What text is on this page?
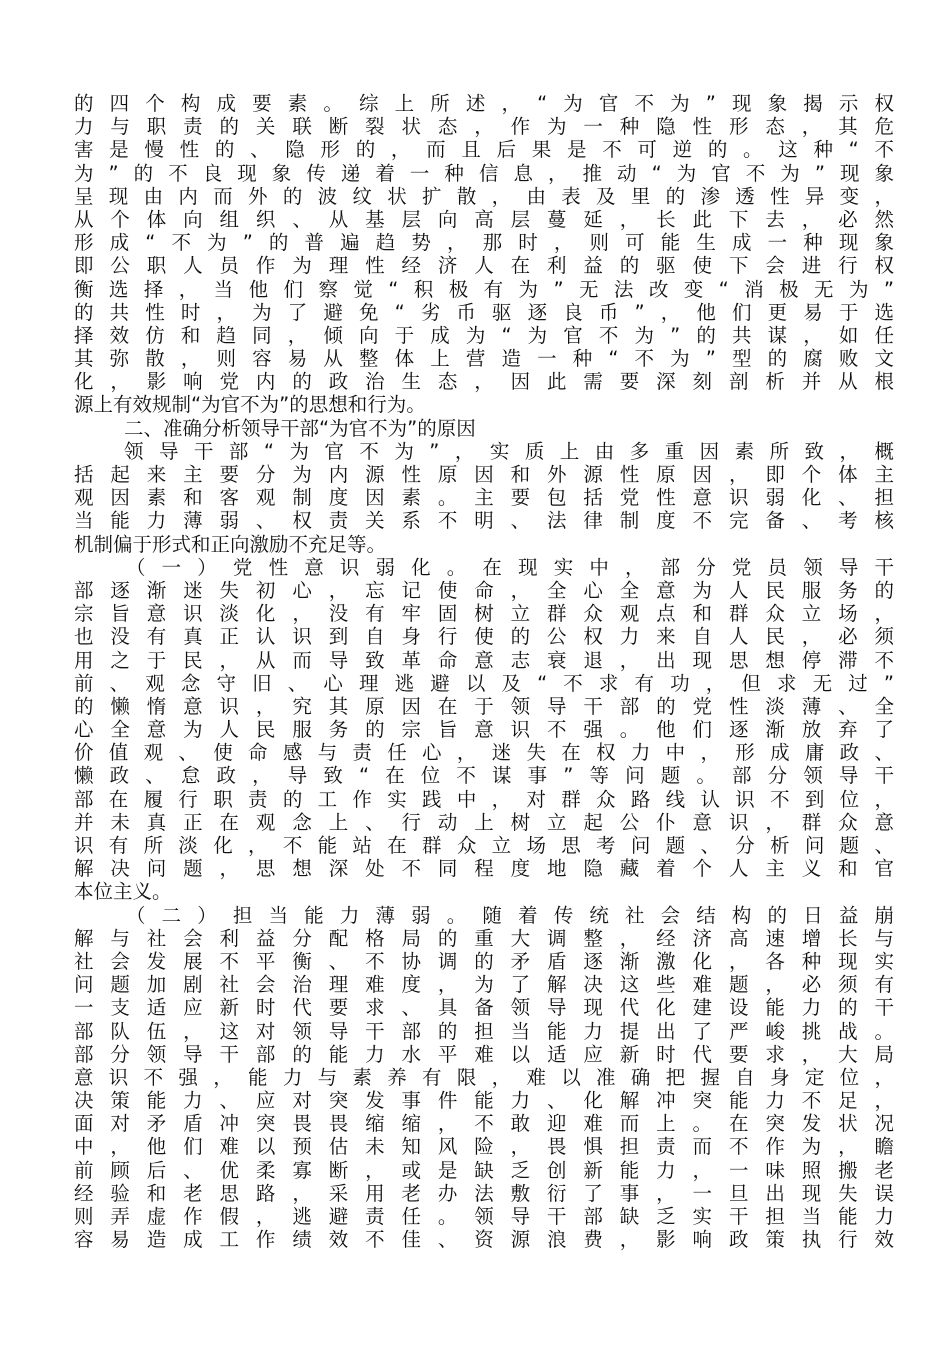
的四个构成要素。综上所述，“为官不为”现象揭示权
力与职责的关联断裂状态，作为一种隐性形态，其危
害是慢性的、隐形的，而且后果是不可逆的。这种“不
为”的不良现象传递着一种信息，推动“为官不为”现象
呈现由内而外的波纹状扩散，由表及里的渗透性异变，
从个体向组织、从基层向高层蔓延，长此下去，必然
形成“不为”的普遍趋势，那时，则可能生成一种现象
即公职人员作为理性经济人在利益的驱使下会进行权
衡选择，当他们察觉“积极有为”无法改变“消极无为”
的共性时，为了避免“劣币驱逐良币”，他们更易于选
择效仿和趋同，倾向于成为“为官不为”的共谋，如任
其弥散，则容易从整体上营造一种“不为”型的腐败文
化，影响党内的政治生态，因此需要深刻剖析并从根
源上有效规制“为官不为”的思想和行为。
二、准确分析领导干部“为官不为”的原因
领导干部“为官不为”，实质上由多重因素所致，概
括起来主要分为内源性原因和外源性原因，即个体主
观因素和客观制度因素。主要包括党性意识弱化、担
当能力薄弱、权责关系不明、法律制度不完备、考核
机制偏于形式和正向激励不充足等。
（一）党性意识弱化。在现实中，部分党员领导干
部逐渐迷失初心，忘记使命，全心全意为人民服务的
宗旨意识淡化，没有牢固树立群众观点和群众立场，
也没有真正认识到自身行使的公权力来自人民，必须
用之于民，从而导致革命意志衰退，出现思想停滞不
前、观念守旧、心理逃避以及“不求有功，但求无过”
的懒惰意识，究其原因在于领导干部的党性淡薄、全
心全意为人民服务的宗旨意识不强。他们逐渐放弃了
价值观、使命感与责任心，迷失在权力中，形成庸政、
懒政、怠政，导致“在位不谋事”等问题。部分领导干
部在履行职责的工作实践中，对群众路线认识不到位，
并未真正在观念上、行动上树立起公仆意识，群众意
识有所淡化，不能站在群众立场思考问题、分析问题、
解决问题，思想深处不同程度地隐藏着个人主义和官
本位主义。
（二）担当能力薄弱。随着传统社会结构的日益崩
解与社会利益分配格局的重大调整，经济高速增长与
社会发展不平衡、不协调的矛盾逐渐激化，各种现实
问题加剧社会治理难度，为了解决这些难题，必须有
一支适应新时代要求、具备领导现代化建设能力的干
部队伍，这对领导干部的担当能力提出了严峻挑战。
部分领导干部的能力水平难以适应新时代要求，大局
意识不强，能力与素养有限，难以准确把握自身定位，
决策能力、应对突发事件能力、化解冲突能力不足，
面对矛盾冲突畏畏缩缩，不敢迎难而上。在突发状况
中，他们难以预估未知风险，畏惧担责而不作为，瞻
前顾后、优柔寡断，或是缺乏创新能力，一味照搬老
经验和老思路，采用老办法敷衍了事，一旦出现失误
则弄虚作假，逃避责任。领导干部缺乏实干担当能力
容易造成工作绩效不佳、资源浪费，影响政策执行效
